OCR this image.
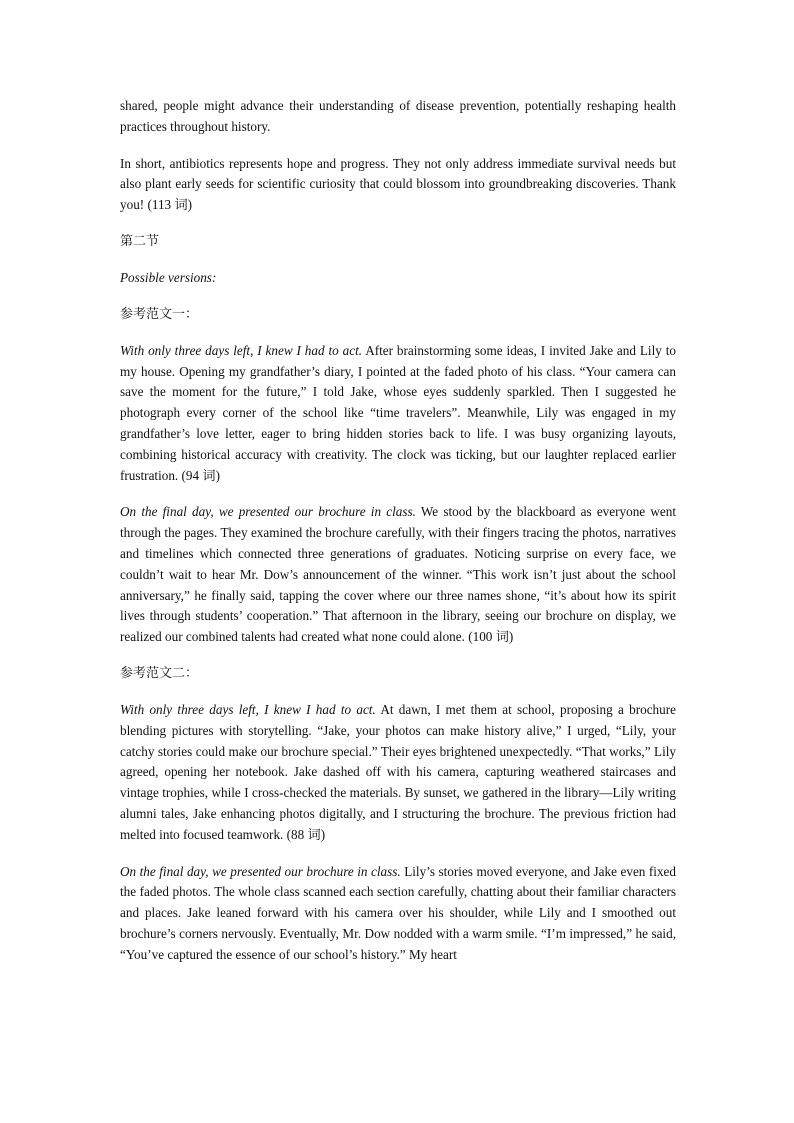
shared, people might advance their understanding of disease prevention, potentially reshaping health practices throughout history.

In short, antibiotics represents hope and progress. They not only address immediate survival needs but also plant early seeds for scientific curiosity that could blossom into groundbreaking discoveries. Thank you! (113 词)

第二节

Possible versions:

参考范文一：

With only three days left, I knew I had to act. After brainstorming some ideas, I invited Jake and Lily to my house. Opening my grandfather’s diary, I pointed at the faded photo of his class. “Your camera can save the moment for the future,” I told Jake, whose eyes suddenly sparkled. Then I suggested he photograph every corner of the school like “time travelers”. Meanwhile, Lily was engaged in my grandfather’s love letter, eager to bring hidden stories back to life. I was busy organizing layouts, combining historical accuracy with creativity. The clock was ticking, but our laughter replaced earlier frustration. (94 词)

On the final day, we presented our brochure in class. We stood by the blackboard as everyone went through the pages. They examined the brochure carefully, with their fingers tracing the photos, narratives and timelines which connected three generations of graduates. Noticing surprise on every face, we couldn’t wait to hear Mr. Dow’s announcement of the winner. “This work isn’t just about the school anniversary,” he finally said, tapping the cover where our three names shone, “it’s about how its spirit lives through students’ cooperation.” That afternoon in the library, seeing our brochure on display, we realized our combined talents had created what none could alone. (100 词)

参考范文二：

With only three days left, I knew I had to act. At dawn, I met them at school, proposing a brochure blending pictures with storytelling. “Jake, your photos can make history alive,” I urged, “Lily, your catchy stories could make our brochure special.” Their eyes brightened unexpectedly. “That works,” Lily agreed, opening her notebook. Jake dashed off with his camera, capturing weathered staircases and vintage trophies, while I cross-checked the materials. By sunset, we gathered in the library—Lily writing alumni tales, Jake enhancing photos digitally, and I structuring the brochure. The previous friction had melted into focused teamwork. (88 词)

On the final day, we presented our brochure in class. Lily’s stories moved everyone, and Jake even fixed the faded photos. The whole class scanned each section carefully, chatting about their familiar characters and places. Jake leaned forward with his camera over his shoulder, while Lily and I smoothed out brochure’s corners nervously. Eventually, Mr. Dow nodded with a warm smile. “I’m impressed,” he said, “You’ve captured the essence of our school’s history.” My heart
